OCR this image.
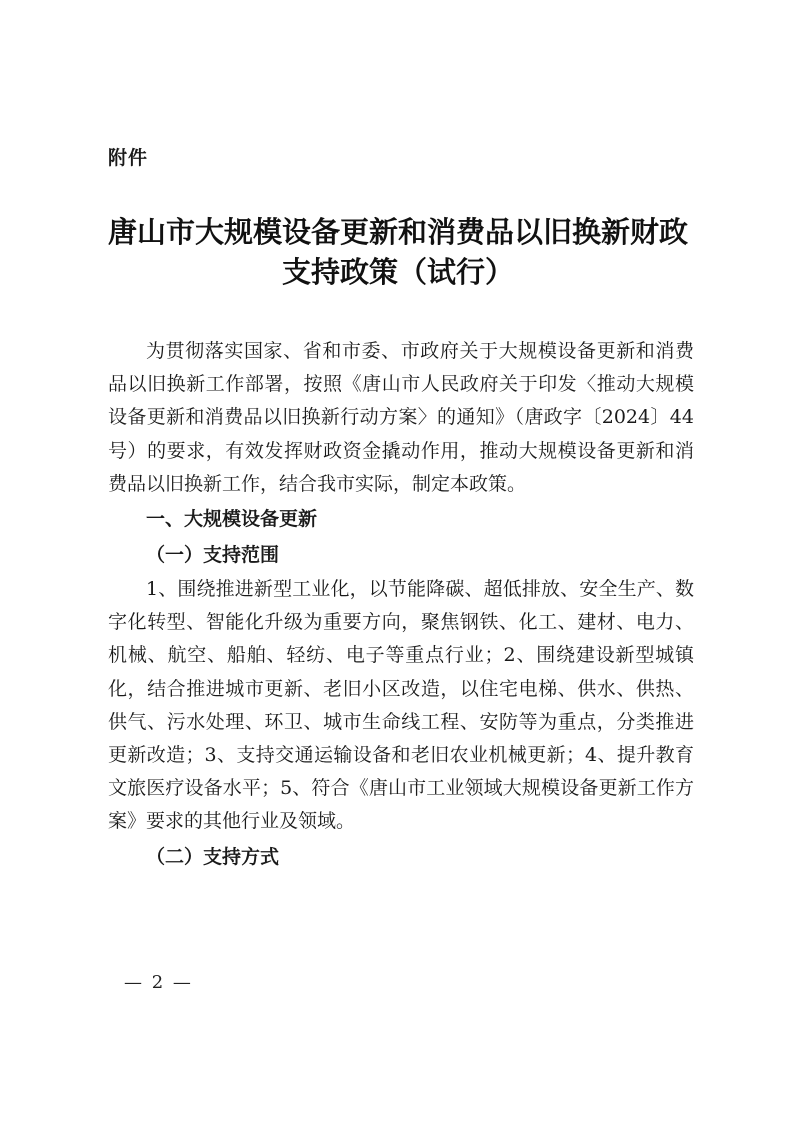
附件
唐山市大规模设备更新和消费品以旧换新财政
支持政策（试行）

为贯彻落实国家、省和市委、市政府关于大规模设备更新和消费品以旧换新工作部署，按照《唐山市人民政府关于印发〈推动大规模设备更新和消费品以旧换新行动方案〉的通知》（唐政字〔2024〕44 号）的要求，有效发挥财政资金撬动作用，推动大规模设备更新和消费品以旧换新工作，结合我市实际，制定本政策。

一、大规模设备更新

（一）支持范围

1、围绕推进新型工业化，以节能降碳、超低排放、安全生产、数字化转型、智能化升级为重要方向，聚焦钢铁、化工、建材、电力、机械、航空、船舶、轻纺、电子等重点行业；2、围绕建设新型城镇化，结合推进城市更新、老旧小区改造，以住宅电梯、供水、供热、供气、污水处理、环卫、城市生命线工程、安防等为重点，分类推进更新改造；3、支持交通运输设备和老旧农业机械更新；4、提升教育文旅医疗设备水平；5、符合《唐山市工业领域大规模设备更新工作方案》要求的其他行业及领域。

（二）支持方式

— 2 —
